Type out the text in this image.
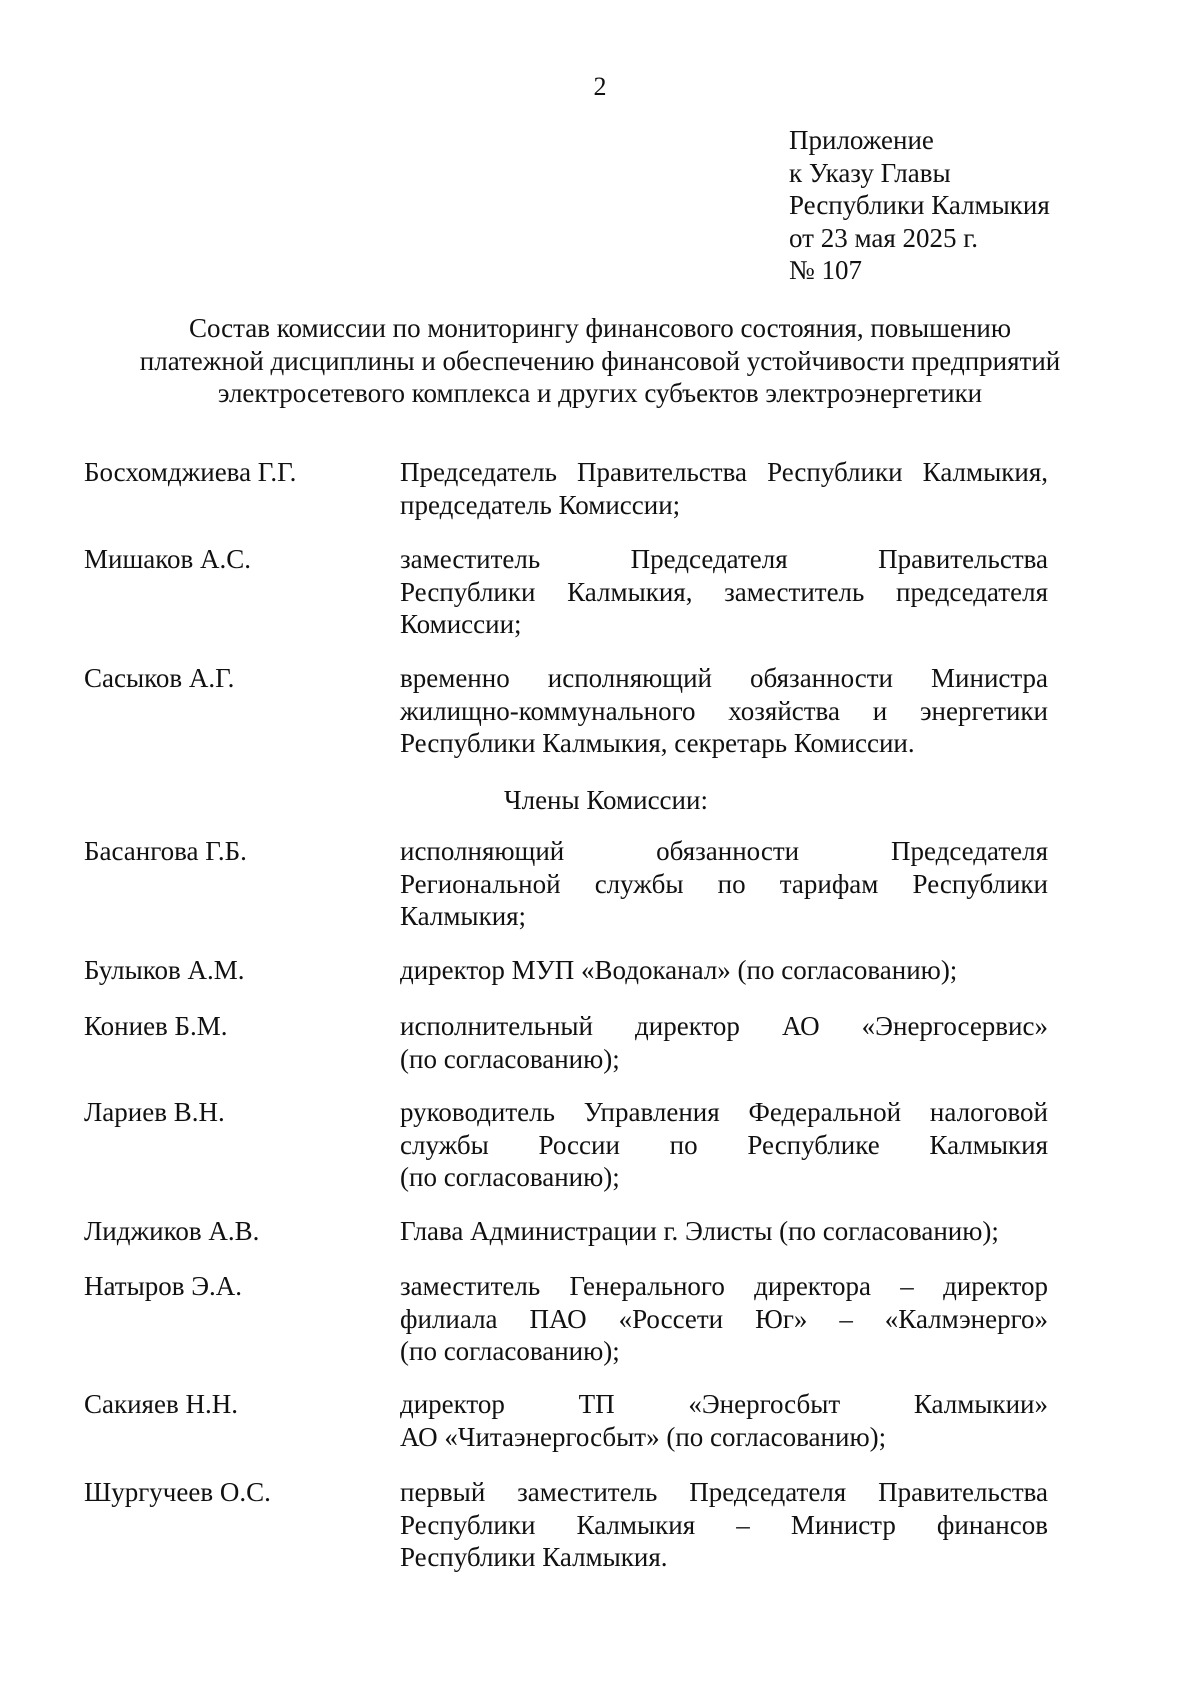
2
Приложение
к Указу Главы
Республики Калмыкия
от 23 мая 2025 г.
№ 107
Состав комиссии по мониторингу финансового состояния, повышению
платежной дисциплины и обеспечению финансовой устойчивости предприятий
электросетевого комплекса и других субъектов электроэнергетики
Босхомджиева Г.Г.	Председатель Правительства Республики Калмыкия,
председатель Комиссии;
Мишаков А.С.	заместитель Председателя Правительства
Республики Калмыкия, заместитель председателя
Комиссии;
Сасыков А.Г.	временно исполняющий обязанности Министра
жилищно-коммунального хозяйства и энергетики
Республики Калмыкия, секретарь Комиссии.
Члены Комиссии:
Басангова Г.Б.	исполняющий обязанности Председателя
Региональной службы по тарифам Республики
Калмыкия;
Булыков А.М.	директор МУП «Водоканал» (по согласованию);
Кониев Б.М.	исполнительный директор АО «Энергосервис»
(по согласованию);
Лариев В.Н.	руководитель Управления Федеральной налоговой
службы России по Республике Калмыкия
(по согласованию);
Лиджиков А.В.	Глава Администрации г. Элисты (по согласованию);
Натыров Э.А.	заместитель Генерального директора – директор
филиала ПАО «Россети Юг» – «Калмэнерго»
(по согласованию);
Сакияев Н.Н.	директор ТП «Энергосбыт Калмыкии»
АО «Читаэнергосбыт» (по согласованию);
Шургучеев О.С.	первый заместитель Председателя Правительства
Республики Калмыкия – Министр финансов
Республики Калмыкия.
